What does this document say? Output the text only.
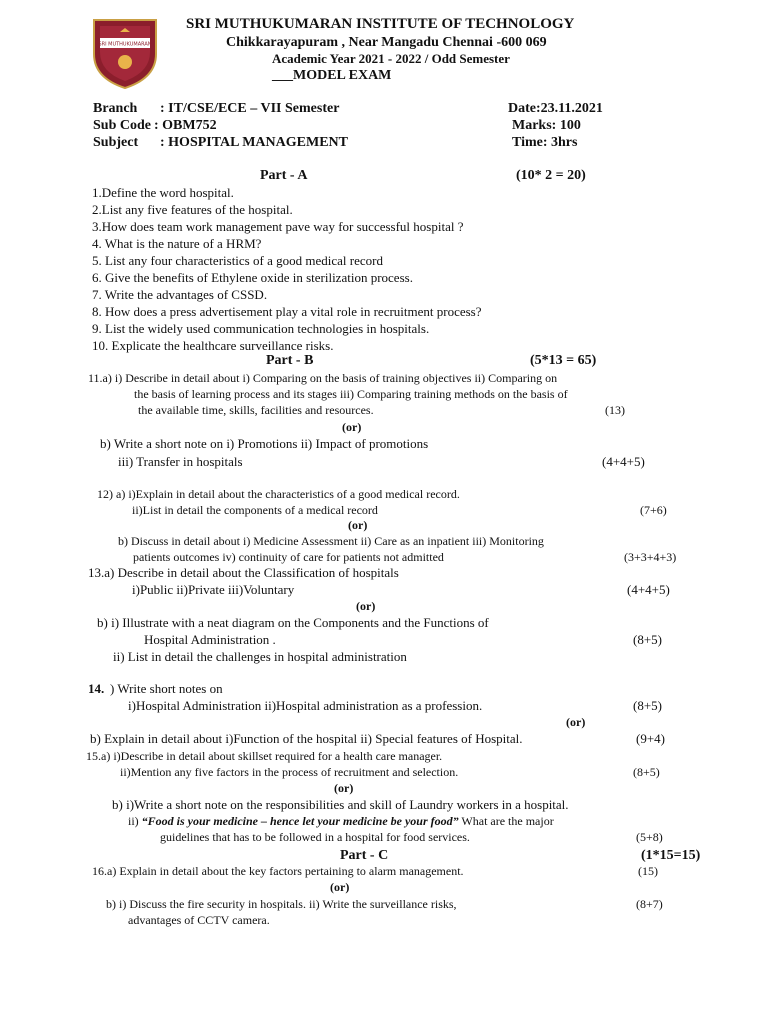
SRI MUTHUKUMARAN
SRI MUTHUKUMARAN INSTITUTE OF TECHNOLOGY
Chikkarayapuram , Near Mangadu Chennai -600 069
Academic Year 2021 - 2022 / Odd Semester
___MODEL EXAM
Branch : IT/CSE/ECE – VII Semester
Sub Code : OBM752
Subject : HOSPITAL MANAGEMENT
Date:23.11.2021
Marks: 100
Time: 3hrs
Part - A	(10* 2 = 20)
1.Define the word hospital.
2.List any five features of the hospital.
3.How does team work management pave way for successful hospital ?
4. What is the nature of a HRM?
5. List any four characteristics of a good medical record
6. Give the benefits of Ethylene oxide in sterilization process.
7. Write the advantages of CSSD.
8. How does a press advertisement play a vital role in recruitment process?
9. List the widely used communication technologies in hospitals.
10. Explicate the healthcare surveillance risks.
Part - B	(5*13 = 65)
11.a) i) Describe in detail about i) Comparing on the basis of training objectives ii) Comparing on
the basis of learning process and its stages iii) Comparing training methods on the basis of
the available time, skills, facilities and resources.	(13)
(or)
b) Write a short note on i) Promotions ii) Impact of promotions
iii) Transfer in hospitals	(4+4+5)
12) a) i)Explain in detail about the characteristics of a good medical record.
ii)List in detail the components of a medical record	(7+6)
(or)
b) Discuss in detail about i) Medicine Assessment ii) Care as an inpatient iii) Monitoring
patients outcomes iv) continuity of care for patients not admitted	(3+3+4+3)
13.a) Describe in detail about the Classification of hospitals
i)Public ii)Private iii)Voluntary	(4+4+5)
(or)
b) i) Illustrate with a neat diagram on the Components and the Functions of
Hospital Administration .	(8+5)
ii) List in detail the challenges in hospital administration
14. ) Write short notes on
i)Hospital Administration ii)Hospital administration as a profession.	(8+5)
(or)
b) Explain in detail about i)Function of the hospital ii) Special features of Hospital.	(9+4)
15.a) i)Describe in detail about skillset required for a health care manager.
ii)Mention any five factors in the process of recruitment and selection.	(8+5)
(or)
b) i)Write a short note on the responsibilities and skill of Laundry workers in a hospital.
ii) “Food is your medicine – hence let your medicine be your food” What are the major
guidelines that has to be followed in a hospital for food services.	(5+8)
Part - C	(1*15=15)
16.a) Explain in detail about the key factors pertaining to alarm management.	(15)
(or)
b) i) Discuss the fire security in hospitals. ii) Write the surveillance risks,	(8+7)
advantages of CCTV camera.
